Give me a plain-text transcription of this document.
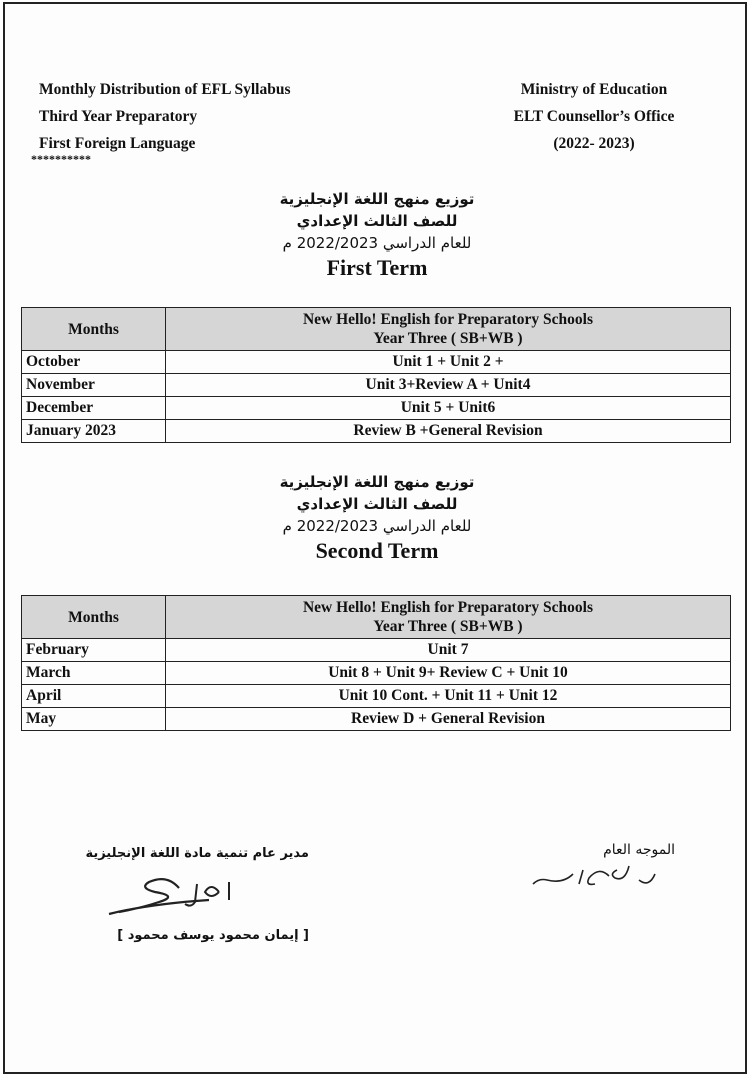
Monthly Distribution of EFL Syllabus
Third Year Preparatory
First Foreign Language
**********
Ministry of Education
ELT Counsellor’s Office
(2022- 2023)
توزيع منهج اللغة الإنجليزية
للصف الثالث الإعدادي
للعام الدراسي 2022/2023 م
First Term
Months	New Hello! English for Preparatory Schools
Year Three ( SB+WB )

October	Unit 1 + Unit 2 +
November	Unit 3+Review A + Unit4
December	Unit 5 + Unit6
January 2023	Review B +General Revision
توزيع منهج اللغة الإنجليزية
للصف الثالث الإعدادي
للعام الدراسي 2022/2023 م
Second Term
Months	New Hello! English for Preparatory Schools
Year Three ( SB+WB )

February	Unit 7
March	Unit 8 + Unit 9+ Review C + Unit 10
April	Unit 10 Cont. + Unit 11 + Unit 12
May	Review D + General Revision
مدير عام تنمية مادة اللغة الإنجليزية
[ إيمان محمود يوسف محمود ]
الموجه العام
